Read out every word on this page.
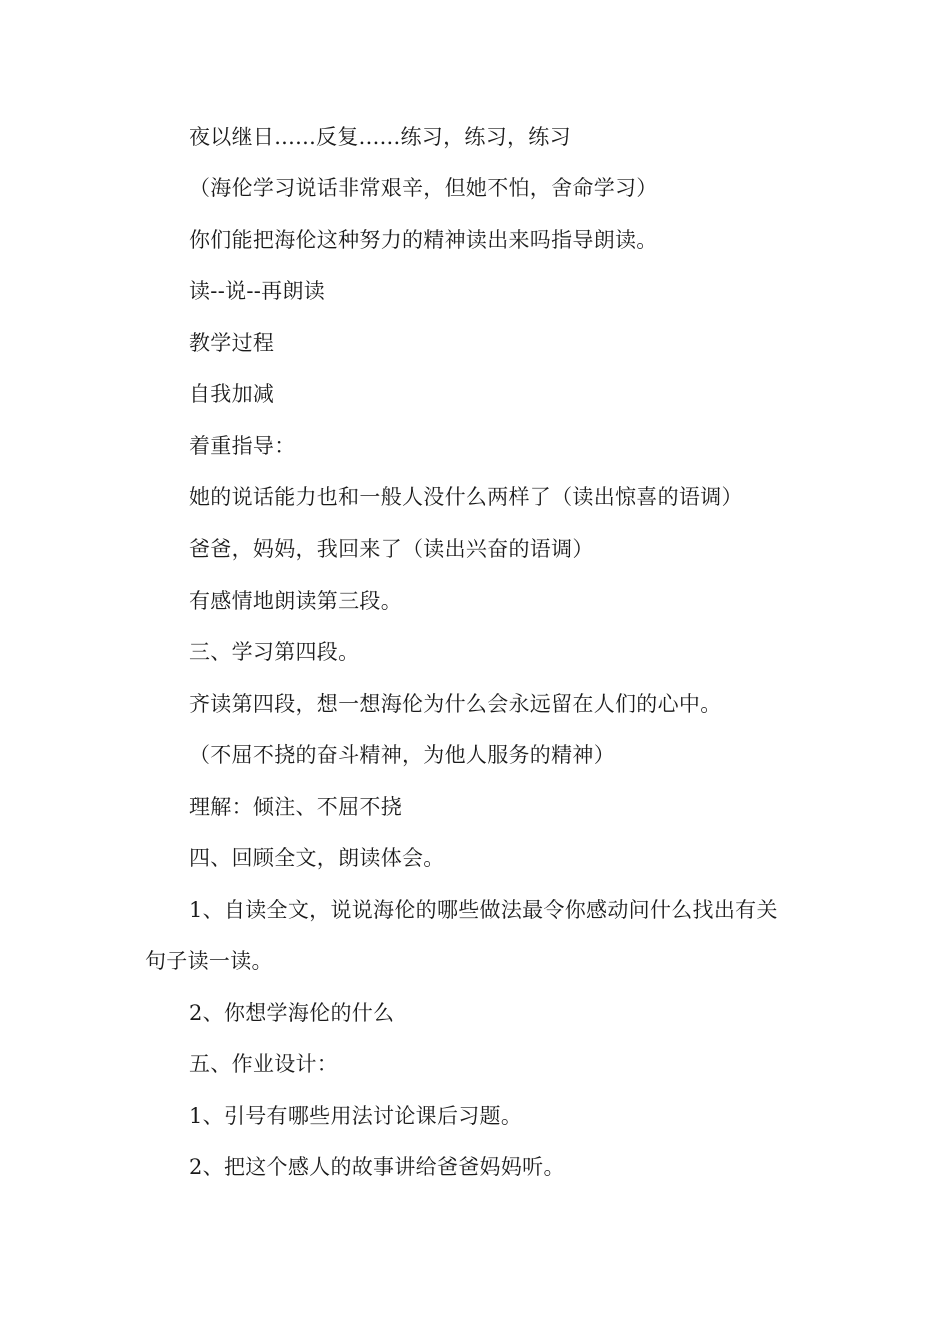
夜以继日......反复......练习，练习，练习
（海伦学习说话非常艰辛，但她不怕，舍命学习）
你们能把海伦这种努力的精神读出来吗指导朗读。
读--说--再朗读
教学过程
自我加减
着重指导：
她的说话能力也和一般人没什么两样了（读出惊喜的语调）
爸爸，妈妈，我回来了（读出兴奋的语调）
有感情地朗读第三段。
三、学习第四段。
齐读第四段，想一想海伦为什么会永远留在人们的心中。
（不屈不挠的奋斗精神，为他人服务的精神）
理解：倾注、不屈不挠
四、回顾全文，朗读体会。
1、自读全文，说说海伦的哪些做法最令你感动问什么找出有关
句子读一读。
2、你想学海伦的什么
五、作业设计：
1、引号有哪些用法讨论课后习题。
2、把这个感人的故事讲给爸爸妈妈听。
